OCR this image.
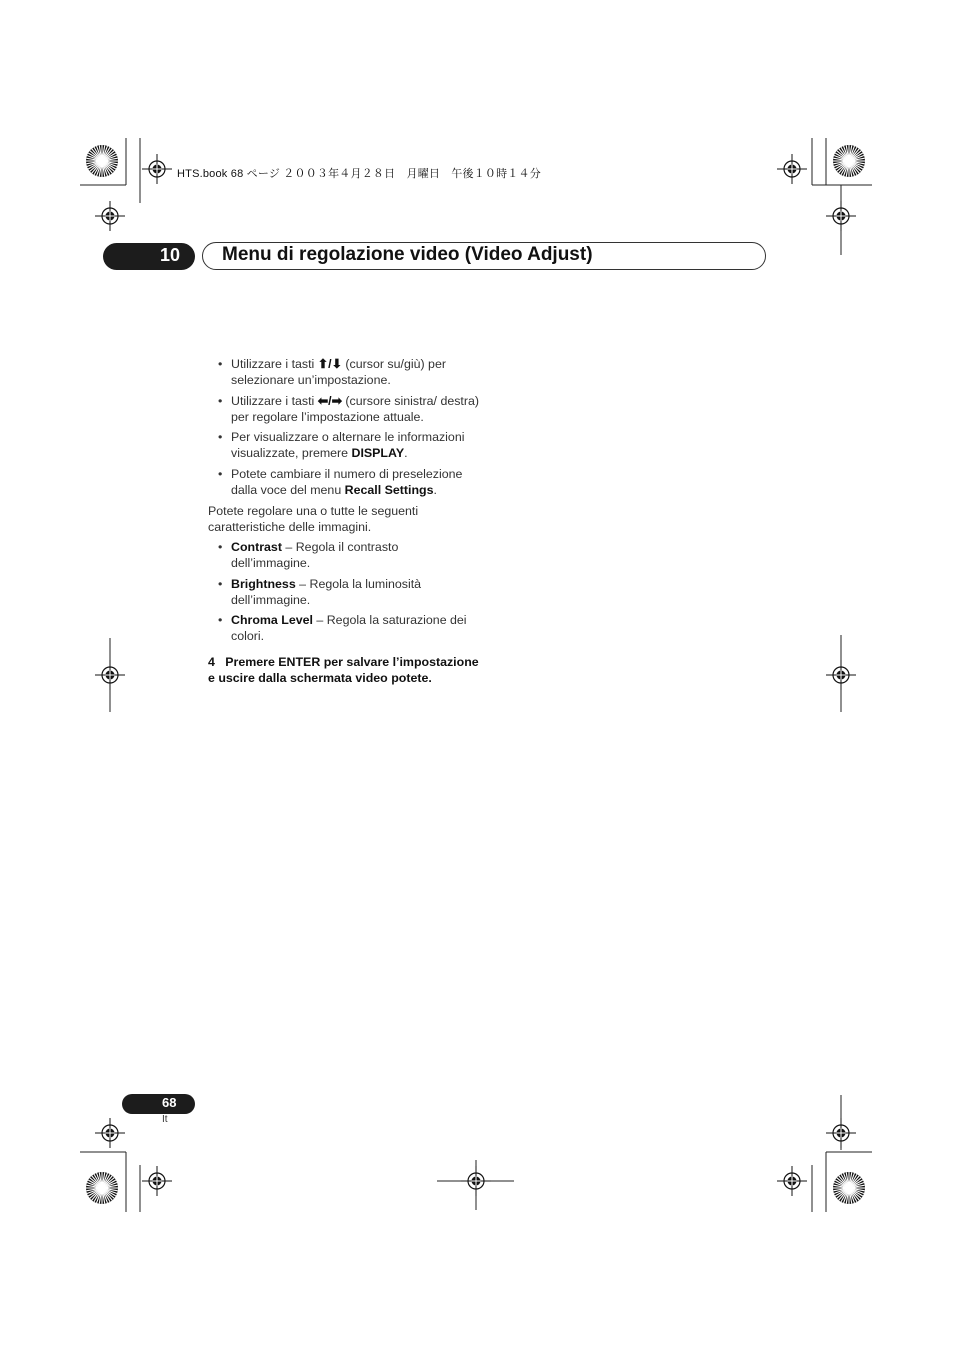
HTS.book 68 ページ ２００３年４月２８日　月曜日　午後１０時１４分
10 Menu di regolazione video (Video Adjust)

• Utilizzare i tasti ⬆/⬇ (cursor su/giù) per selezionare un’impostazione.

• Utilizzare i tasti ⬅/➡ (cursore sinistra/ destra) per regolare l’impostazione attuale.

• Per visualizzare o alternare le informazioni visualizzate, premere DISPLAY.

• Potete cambiare il numero di preselezione dalla voce del menu Recall Settings.

Potete regolare una o tutte le seguenti caratteristiche delle immagini.

• Contrast – Regola il contrasto dell’immagine.

• Brightness – Regola la luminosità dell’immagine.

• Chroma Level – Regola la saturazione dei colori.

4 Premere ENTER per salvare l’impostazione e uscire dalla schermata video potete.

68
It
